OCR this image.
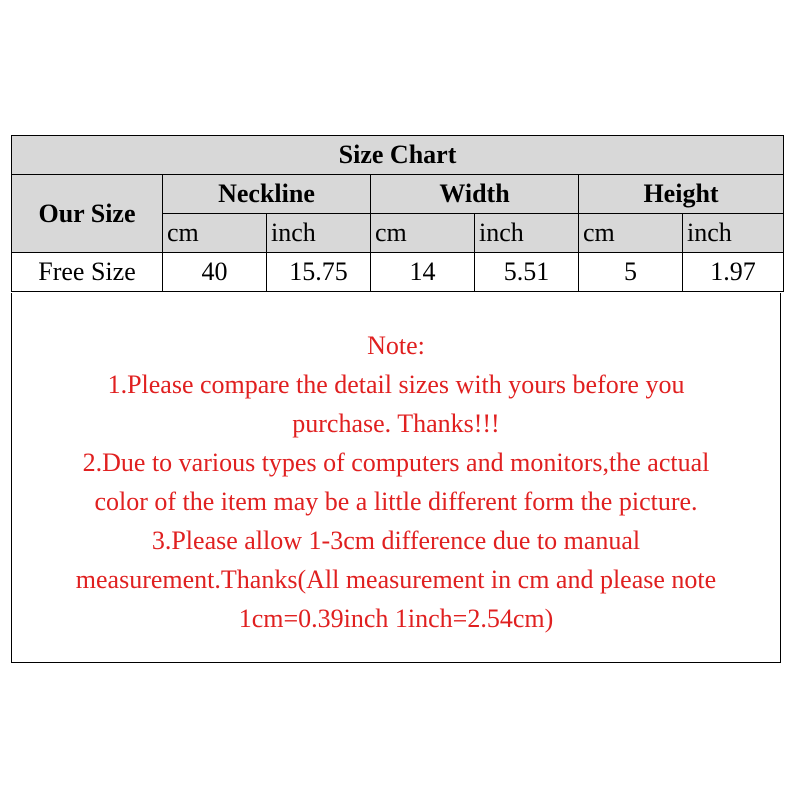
Size Chart						
Our Size	Neckline		Width		Height	
	cm	inch	cm	inch	cm	inch
Free Size	40	15.75	14	5.51	5	1.97
Note:
1.Please compare the detail sizes with yours before you
purchase. Thanks!!!
2.Due to various types of computers and monitors,the actual
color of the item may be a little different form the picture.
3.Please allow 1-3cm difference due to manual
measurement.Thanks(All measurement in cm and please note
1cm=0.39inch 1inch=2.54cm)
